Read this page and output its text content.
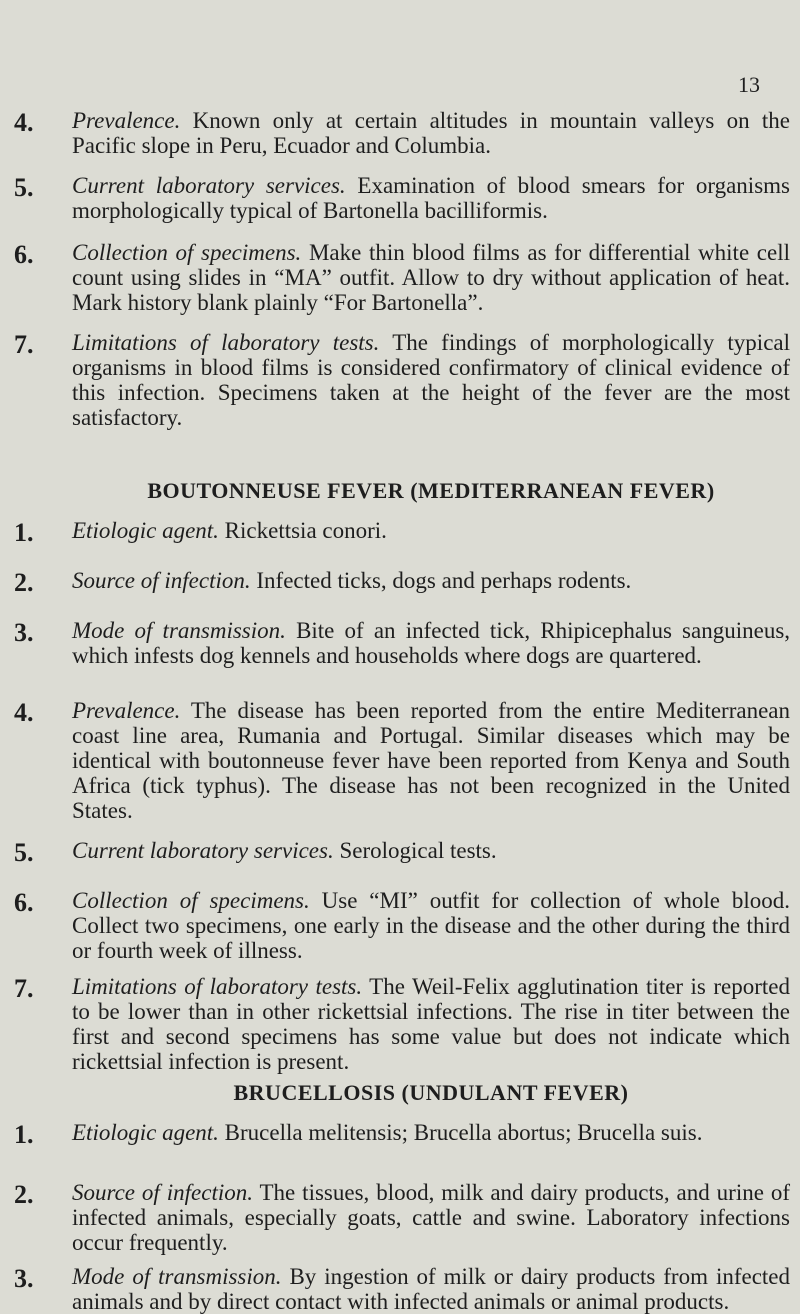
13
4. Prevalence. Known only at certain altitudes in mountain valleys on the Pacific slope in Peru, Ecuador and Columbia.
5. Current laboratory services. Examination of blood smears for organisms morphologically typical of Bartonella bacilliformis.
6. Collection of specimens. Make thin blood films as for differential white cell count using slides in “MA” outfit. Allow to dry without application of heat. Mark history blank plainly “For Bartonella”.
7. Limitations of laboratory tests. The findings of morphologically typical organisms in blood films is considered confirmatory of clinical evidence of this infection. Specimens taken at the height of the fever are the most satisfactory.
BOUTONNEUSE FEVER (MEDITERRANEAN FEVER)
1. Etiologic agent. Rickettsia conori.
2. Source of infection. Infected ticks, dogs and perhaps rodents.
3. Mode of transmission. Bite of an infected tick, Rhipicephalus sanguineus, which infests dog kennels and households where dogs are quartered.
4. Prevalence. The disease has been reported from the entire Mediterranean coast line area, Rumania and Portugal. Similar diseases which may be identical with boutonneuse fever have been reported from Kenya and South Africa (tick typhus). The disease has not been recognized in the United States.
5. Current laboratory services. Serological tests.
6. Collection of specimens. Use “MI” outfit for collection of whole blood. Collect two specimens, one early in the disease and the other during the third or fourth week of illness.
7. Limitations of laboratory tests. The Weil-Felix agglutination titer is reported to be lower than in other rickettsial infections. The rise in titer between the first and second specimens has some value but does not indicate which rickettsial infection is present.
BRUCELLOSIS (UNDULANT FEVER)
1. Etiologic agent. Brucella melitensis; Brucella abortus; Brucella suis.
2. Source of infection. The tissues, blood, milk and dairy products, and urine of infected animals, especially goats, cattle and swine. Laboratory infections occur frequently.
3. Mode of transmission. By ingestion of milk or dairy products from infected animals and by direct contact with infected animals or animal products.
